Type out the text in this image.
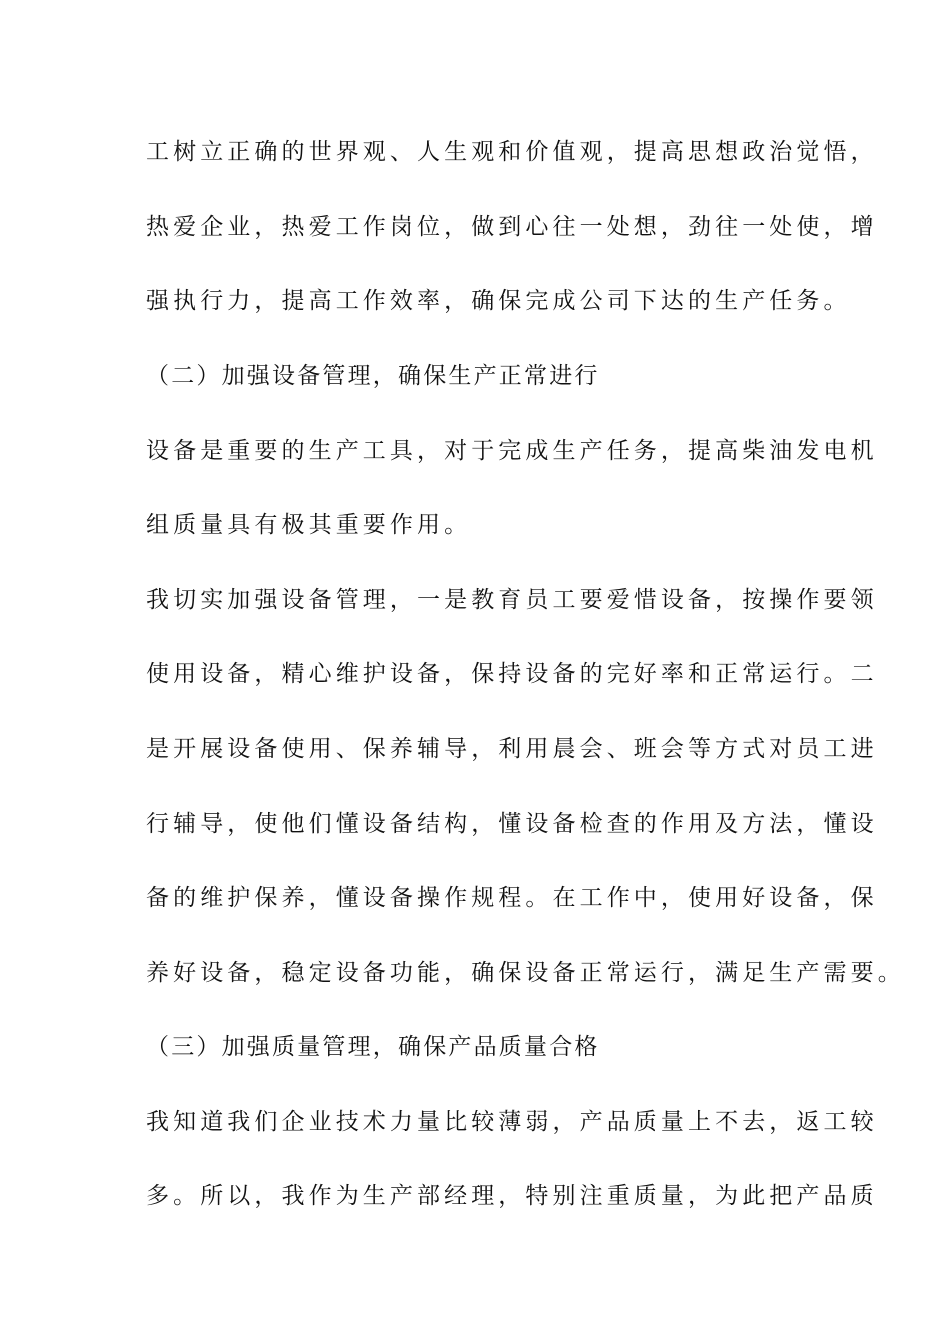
工树立正确的世界观、人生观和价值观，提高思想政治觉悟，
热爱企业，热爱工作岗位，做到心往一处想，劲往一处使，增
强执行力，提高工作效率，确保完成公司下达的生产任务。
（二）加强设备管理，确保生产正常进行
设备是重要的生产工具，对于完成生产任务，提高柴油发电机
组质量具有极其重要作用。
我切实加强设备管理，一是教育员工要爱惜设备，按操作要领
使用设备，精心维护设备，保持设备的完好率和正常运行。二
是开展设备使用、保养辅导，利用晨会、班会等方式对员工进
行辅导，使他们懂设备结构，懂设备检查的作用及方法，懂设
备的维护保养，懂设备操作规程。在工作中，使用好设备，保
养好设备，稳定设备功能，确保设备正常运行，满足生产需要。
（三）加强质量管理，确保产品质量合格
我知道我们企业技术力量比较薄弱，产品质量上不去，返工较
多。所以，我作为生产部经理，特别注重质量，为此把产品质
